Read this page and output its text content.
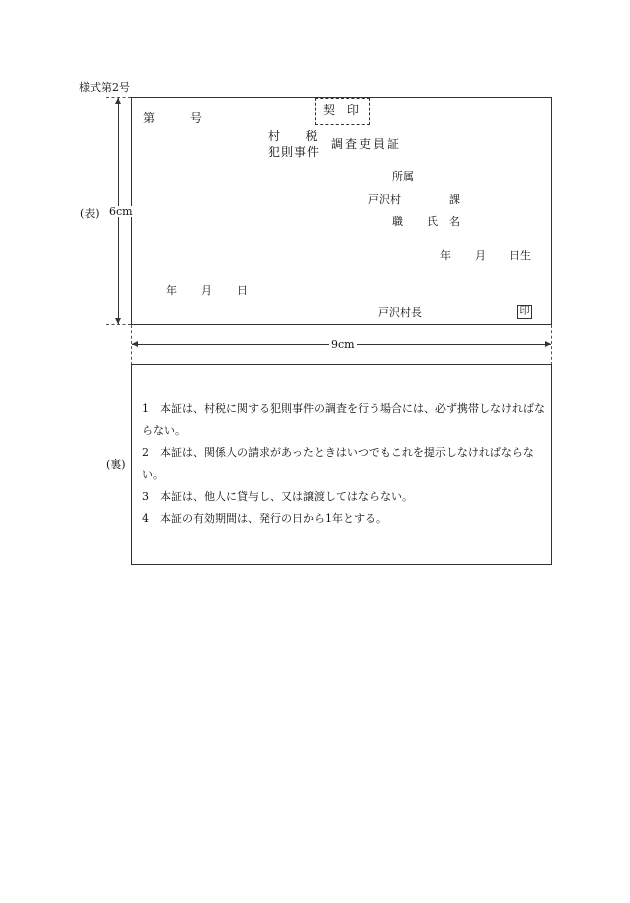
様式第2号
6cm
(表)
第	号
契　印
村　　税
犯則事件
調査吏員証
所属
戸沢村	課
職 氏　名
年 月 日生
年 月 日
戸沢村長	印
9cm
(裏)

1　本証は、村税に関する犯則事件の調査を行う場合には、必ず携帯しなければならない。

2　本証は、関係人の請求があったときはいつでもこれを提示しなければならない。

3　本証は、他人に貸与し、又は譲渡してはならない。

4　本証の有効期間は、発行の日から1年とする。
